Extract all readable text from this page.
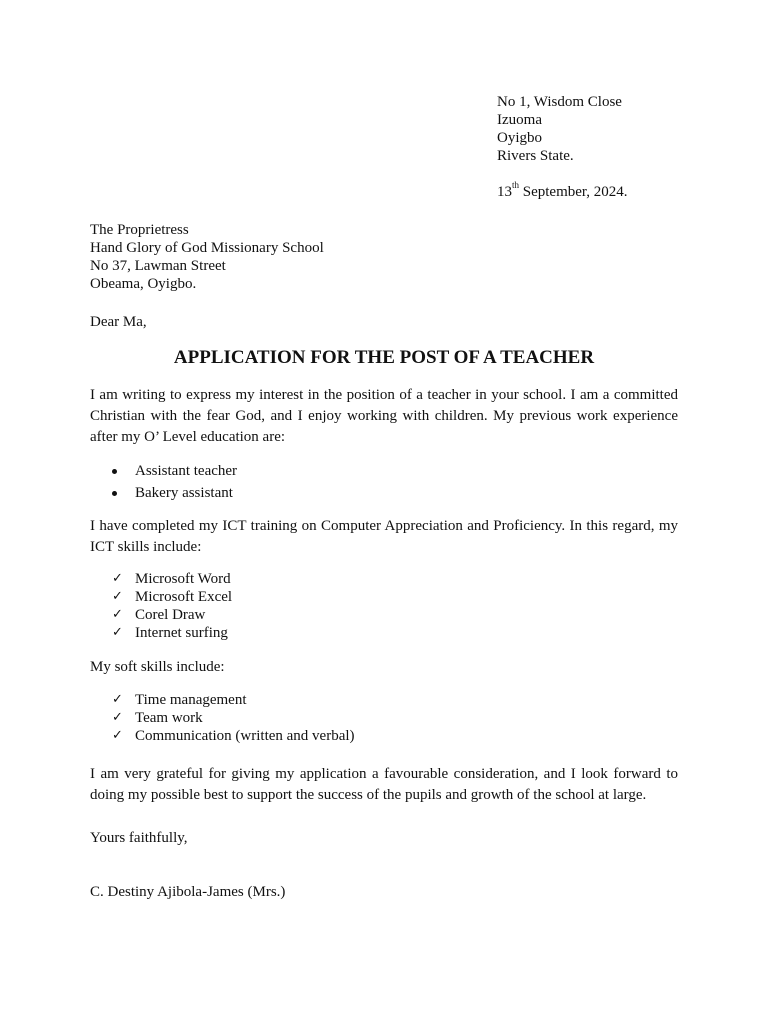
No 1, Wisdom Close
Izuoma
Oyigbo
Rivers State.
13th September, 2024.
The Proprietress
Hand Glory of God Missionary School
No 37, Lawman Street
Obeama, Oyigbo.
Dear Ma,
APPLICATION FOR THE POST OF A TEACHER
I am writing to express my interest in the position of a teacher in your school. I am a committed Christian with the fear God, and I enjoy working with children. My previous work experience after my O’ Level education are:
Assistant teacher
Bakery assistant
I have completed my ICT training on Computer Appreciation and Proficiency. In this regard, my ICT skills include:
✓ Microsoft Word
✓ Microsoft Excel
✓ Corel Draw
✓ Internet surfing
My soft skills include:
✓ Time management
✓ Team work
✓ Communication (written and verbal)
I am very grateful for giving my application a favourable consideration, and I look forward to doing my possible best to support the success of the pupils and growth of the school at large.
Yours faithfully,
C. Destiny Ajibola-James (Mrs.)
